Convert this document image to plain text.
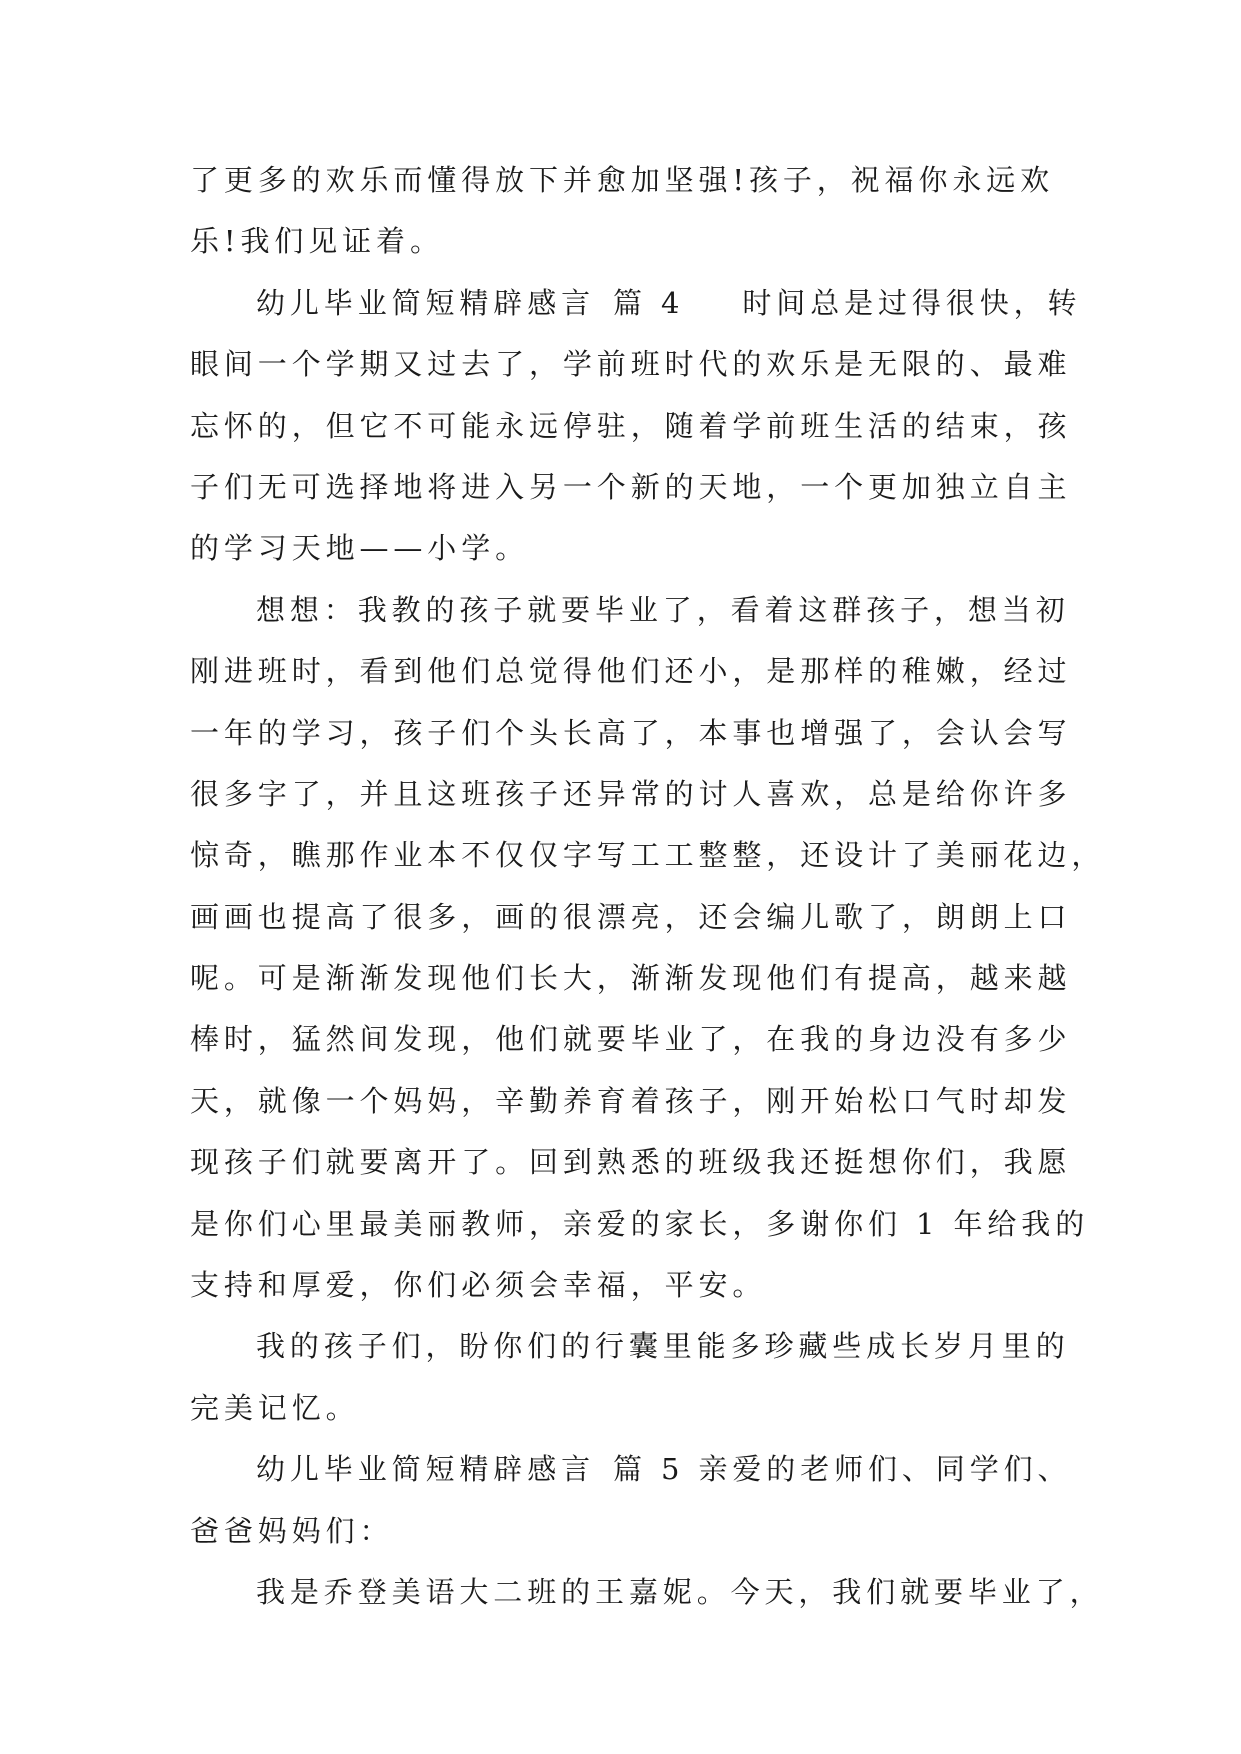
了更多的欢乐而懂得放下并愈加坚强!孩子，祝福你永远欢
乐!我们见证着。
幼儿毕业简短精辟感言 篇 4 时间总是过得很快，转
眼间一个学期又过去了，学前班时代的欢乐是无限的、最难
忘怀的，但它不可能永远停驻，随着学前班生活的结束，孩
子们无可选择地将进入另一个新的天地，一个更加独立自主
的学习天地——小学。
想想：我教的孩子就要毕业了，看着这群孩子，想当初
刚进班时，看到他们总觉得他们还小，是那样的稚嫩，经过
一年的学习，孩子们个头长高了，本事也增强了，会认会写
很多字了，并且这班孩子还异常的讨人喜欢，总是给你许多
惊奇，瞧那作业本不仅仅字写工工整整，还设计了美丽花边，
画画也提高了很多，画的很漂亮，还会编儿歌了，朗朗上口
呢。可是渐渐发现他们长大，渐渐发现他们有提高，越来越
棒时，猛然间发现，他们就要毕业了，在我的身边没有多少
天，就像一个妈妈，辛勤养育着孩子，刚开始松口气时却发
现孩子们就要离开了。回到熟悉的班级我还挺想你们，我愿
是你们心里最美丽教师，亲爱的家长，多谢你们 1 年给我的
支持和厚爱，你们必须会幸福，平安。
我的孩子们，盼你们的行囊里能多珍藏些成长岁月里的
完美记忆。
幼儿毕业简短精辟感言 篇 5 亲爱的老师们、同学们、
爸爸妈妈们：
我是乔登美语大二班的王嘉妮。今天，我们就要毕业了，
